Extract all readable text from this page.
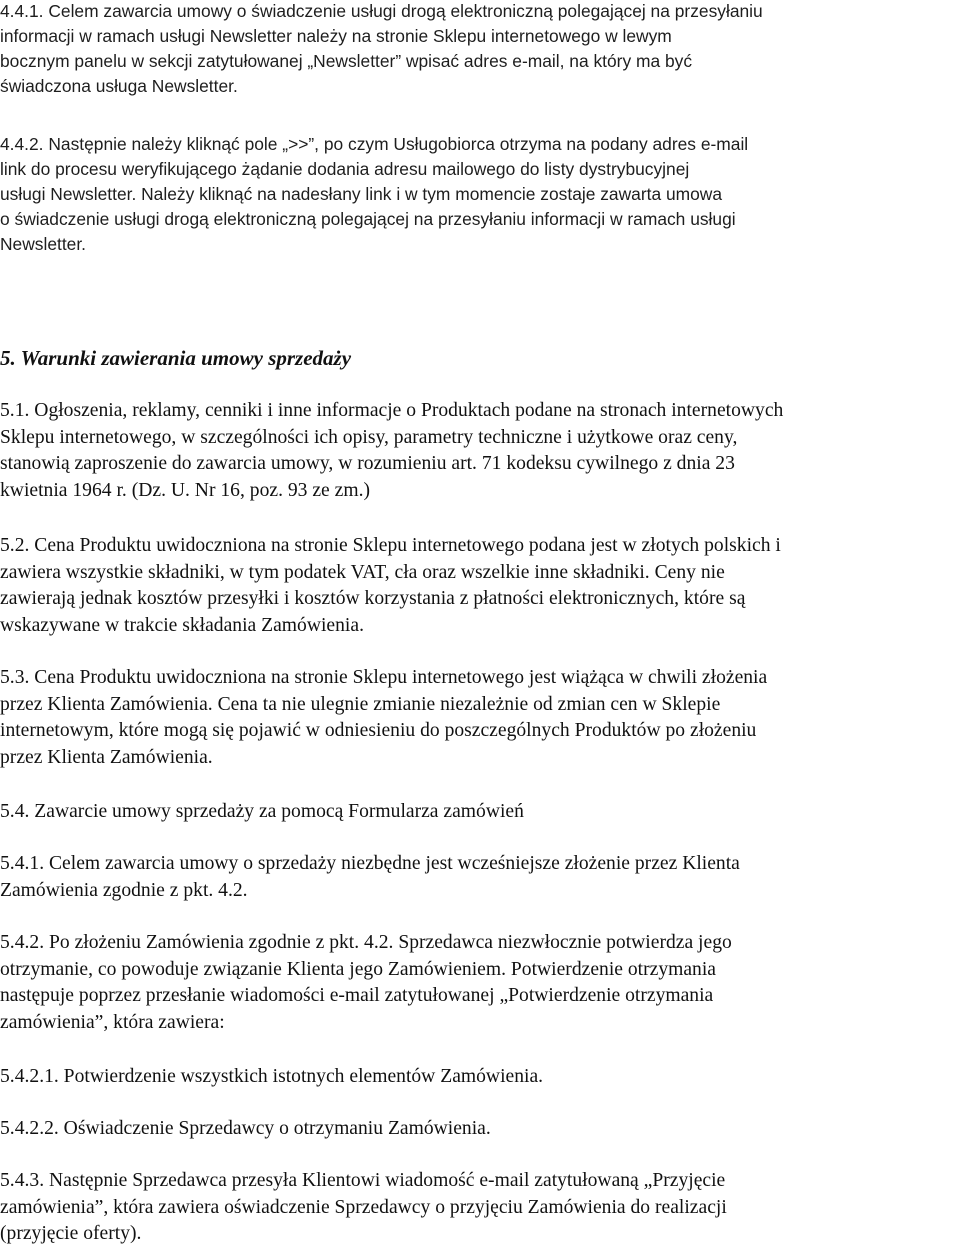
4.4.1. Celem zawarcia umowy o świadczenie usługi drogą elektroniczną polegającej na przesyłaniu
informacji w ramach usługi Newsletter należy na stronie Sklepu internetowego w lewym
bocznym panelu w sekcji zatytułowanej „Newsletter” wpisać adres e-mail, na który ma być
świadczona usługa Newsletter.
4.4.2. Następnie należy kliknąć pole „>>”, po czym Usługobiorca otrzyma na podany adres e-mail
link do procesu weryfikującego żądanie dodania adresu mailowego do listy dystrybucyjnej
usługi Newsletter. Należy kliknąć na nadesłany link i w tym momencie zostaje zawarta umowa
o świadczenie usługi drogą elektroniczną polegającej na przesyłaniu informacji w ramach usługi
Newsletter.
5. Warunki zawierania umowy sprzedaży
5.1. Ogłoszenia, reklamy, cenniki i inne informacje o Produktach podane na stronach internetowych
Sklepu internetowego, w szczególności ich opisy, parametry techniczne i użytkowe oraz ceny,
stanowią zaproszenie do zawarcia umowy, w rozumieniu art. 71 kodeksu cywilnego z dnia 23
kwietnia 1964 r. (Dz. U. Nr 16, poz. 93 ze zm.)
5.2. Cena Produktu uwidoczniona na stronie Sklepu internetowego podana jest w złotych polskich i
zawiera wszystkie składniki, w tym podatek VAT, cła oraz wszelkie inne składniki. Ceny nie
zawierają jednak kosztów przesyłki i kosztów korzystania z płatności elektronicznych, które są
wskazywane w trakcie składania Zamówienia.
5.3. Cena Produktu uwidoczniona na stronie Sklepu internetowego jest wiążąca w chwili złożenia
przez Klienta Zamówienia. Cena ta nie ulegnie zmianie niezależnie od zmian cen w Sklepie
internetowym, które mogą się pojawić w odniesieniu do poszczególnych Produktów po złożeniu
przez Klienta Zamówienia.
5.4. Zawarcie umowy sprzedaży za pomocą Formularza zamówień
5.4.1. Celem zawarcia umowy o sprzedaży niezbędne jest wcześniejsze złożenie przez Klienta
Zamówienia zgodnie z pkt. 4.2.
5.4.2. Po złożeniu Zamówienia zgodnie z pkt. 4.2. Sprzedawca niezwłocznie potwierdza jego
otrzymanie, co powoduje związanie Klienta jego Zamówieniem. Potwierdzenie otrzymania
następuje poprzez przesłanie wiadomości e-mail zatytułowanej „Potwierdzenie otrzymania
zamówienia”, która zawiera:
5.4.2.1. Potwierdzenie wszystkich istotnych elementów Zamówienia.
5.4.2.2. Oświadczenie Sprzedawcy o otrzymaniu Zamówienia.
5.4.3. Następnie Sprzedawca przesyła Klientowi wiadomość e-mail zatytułowaną „Przyjęcie
zamówienia”, która zawiera oświadczenie Sprzedawcy o przyjęciu Zamówienia do realizacji
(przyjęcie oferty).
